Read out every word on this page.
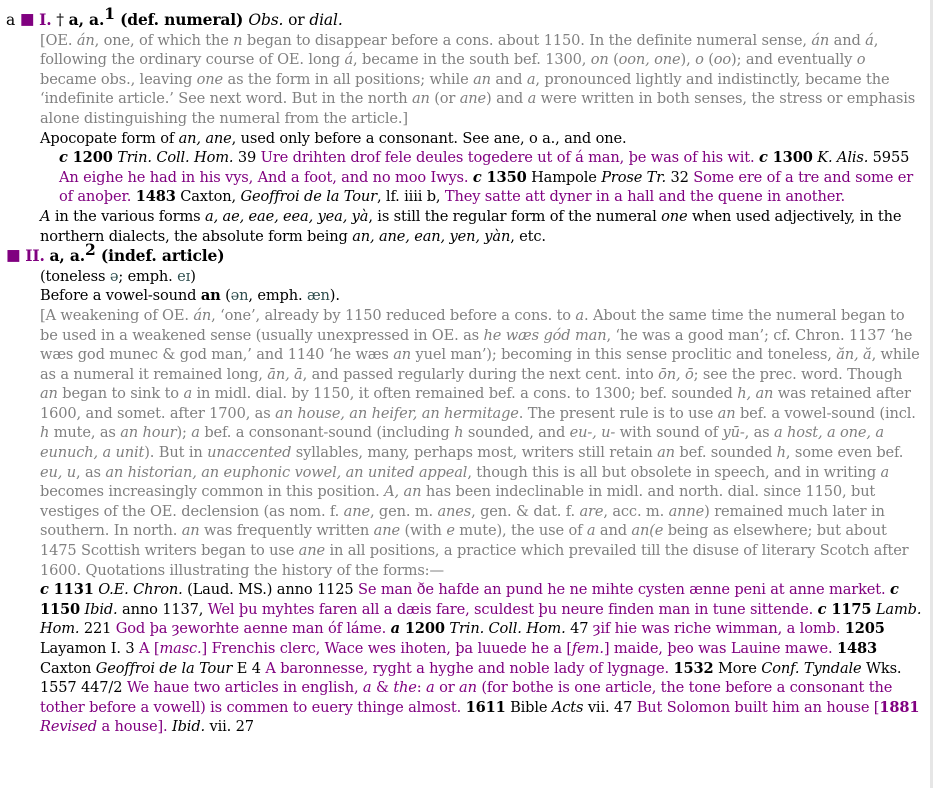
a ■ I. † a, a.1 (def. numeral) Obs. or dial.
[OE. án, one, of which the n began to disappear before a cons. about 1150. In the definite numeral sense, án and á, following the ordinary course of OE. long á, became in the south bef. 1300, on (oon, one), o (oo); and eventually o became obs., leaving one as the form in all positions; while an and a, pronounced lightly and indistinctly, became the ‘indefinite article.’ See next word. But in the north an (or ane) and a were written in both senses, the stress or emphasis alone distinguishing the numeral from the article.]
Apocopate form of an, ane, used only before a consonant. See ane, o a., and one.
c 1200 Trin. Coll. Hom. 39 Ure drihten drof fele deules togedere ut of á man, þe was of his wit. c 1300 K. Alis. 5955 An eighe he had in his vys, And a foot, and no moo Iwys. c 1350 Hampole Prose Tr. 32 Some ere of a tre and some er of anoþer. 1483 Caxton, Geoffroi de la Tour, lf. iiii b, They satte att dyner in a hall and the quene in another.
A in the various forms a, ae, eae, eea, yea, yà, is still the regular form of the numeral one when used adjectively, in the northern dialects, the absolute form being an, ane, ean, yen, yàn, etc.
■ II. a, a.2 (indef. article)
(toneless ə; emph. eɪ)
Before a vowel-sound an (ən, emph. æn).
[A weakening of OE. án, ‘one’, already by 1150 reduced before a cons. to a. About the same time the numeral began to be used in a weakened sense (usually unexpressed in OE. as he wæs gód man, ‘he was a good man’; cf. Chron. 1137 ‘he wæs god munec & god man,’ and 1140 ‘he wæs an yuel man’); becoming in this sense proclitic and toneless, ăn, ă, while as a numeral it remained long, ān, ā, and passed regularly during the next cent. into ōn, ō; see the prec. word. Though an began to sink to a in midl. dial. by 1150, it often remained bef. a cons. to 1300; bef. sounded h, an was retained after 1600, and somet. after 1700, as an house, an heifer, an hermitage. The present rule is to use an bef. a vowel-sound (incl. h mute, as an hour); a bef. a consonant-sound (including h sounded, and eu-, u- with sound of yū-, as a host, a one, a eunuch, a unit). But in unaccented syllables, many, perhaps most, writers still retain an bef. sounded h, some even bef. eu, u, as an historian, an euphonic vowel, an united appeal, though this is all but obsolete in speech, and in writing a becomes increasingly common in this position. A, an has been indeclinable in midl. and north. dial. since 1150, but vestiges of the OE. declension (as nom. f. ane, gen. m. anes, gen. & dat. f. are, acc. m. anne) remained much later in southern. In north. an was frequently written ane (with e mute), the use of a and an(e being as elsewhere; but about 1475 Scottish writers began to use ane in all positions, a practice which prevailed till the disuse of literary Scotch after 1600. Quotations illustrating the history of the forms:—
c 1131 O.E. Chron. (Laud. MS.) anno 1125 Se man ðe hafde an pund he ne mihte cysten ænne peni at anne market. c 1150 Ibid. anno 1137, Wel þu myhtes faren all a dæis fare, sculdest þu neure finden man in tune sittende. c 1175 Lamb. Hom. 221 God þa ȝeworhte aenne man óf láme. a 1200 Trin. Coll. Hom. 47 ȝif hie was riche wimman, a lomb. 1205 Layamon I. 3 A [masc.] Frenchis clerc, Wace wes ihoten, þa luuede he a [fem.] maide, þeo was Lauine mawe. 1483 Caxton Geoffroi de la Tour E 4 A baronnesse, ryght a hyghe and noble lady of lygnage. 1532 More Conf. Tyndale Wks. 1557 447/2 We haue two articles in english, a & the: a or an (for bothe is one article, the tone before a consonant the tother before a vowell) is commen to euery thinge almost. 1611 Bible Acts vii. 47 But Solomon built him an house [1881 Revised a house]. Ibid. vii. 27
